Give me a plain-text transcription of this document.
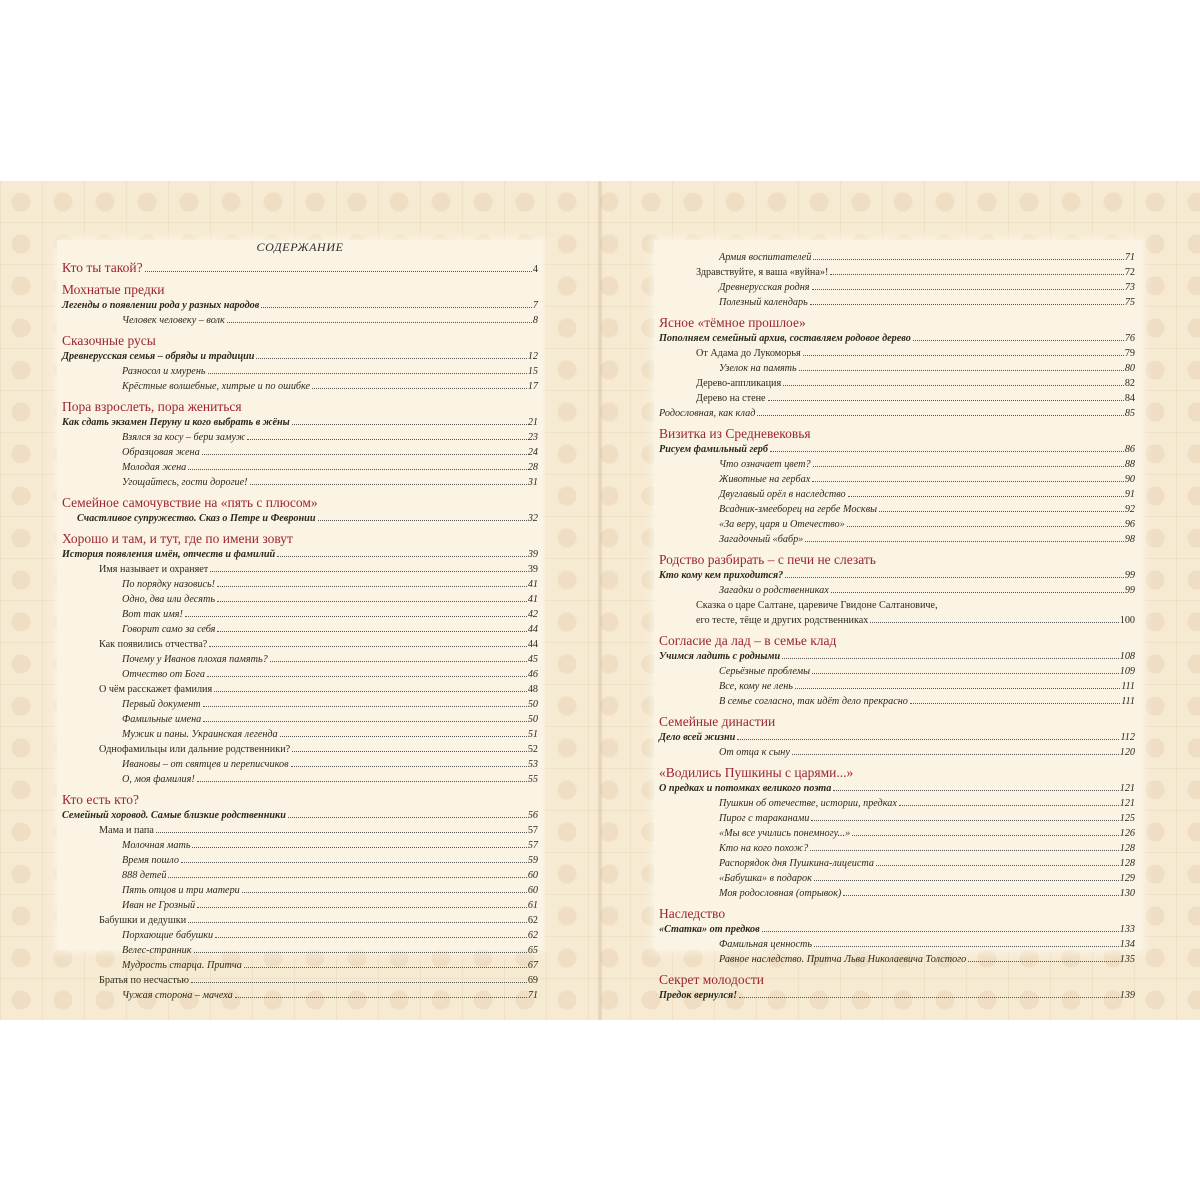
СОДЕРЖАНИЕ
Кто ты такой?	4
Мохнатые предки
Легенды о появлении рода у разных народов	7
Человек человеку – волк	8
Сказочные русы
Древнерусская семья – обряды и традиции	12
Разносол и хмурень	15
Крёстные волшебные, хитрые и по ошибке	17
Пора взрослеть, пора жениться
Как сдать экзамен Перуну и кого выбрать в жёны	21
Взялся за косу – бери замуж	23
Образцовая жена	24
Молодая жена	28
Угощайтесь, гости дорогие!	31
Семейное самочувствие на «пять с плюсом»
Счастливое супружество. Сказ о Петре и Февронии	32
Хорошо и там, и тут, где по имени зовут
История появления имён, отчеств и фамилий	39
Имя называет и охраняет	39
По порядку назовись!	41
Одно, два или десять	41
Вот так имя!	42
Говорит само за себя	44
Как появились отчества?	44
Почему у Иванов плохая память?	45
Отчество от Бога	46
О чём расскажет фамилия	48
Первый документ	50
Фамильные имена	50
Мужик и паны. Украинская легенда	51
Однофамильцы или дальние родственники?	52
Ивановы – от святцев и переписчиков	53
О, моя фамилия!	55
Кто есть кто?
Семейный хоровод. Самые близкие родственники	56
Мама и папа	57
Молочная мать	57
Время пошло	59
888 детей	60
Пять отцов и три матери	60
Иван не Грозный	61
Бабушки и дедушки	62
Порхающие бабушки	62
Велес-странник	65
Мудрость старца. Притча	67
Братья по несчастью	69
Чужая сторона – мачеха	71
Армия воспитателей	71
Здравствуйте, я ваша «вуйна»!	72
Древнерусская родня	73
Полезный календарь	75
Ясное «тёмное прошлое»
Пополняем семейный архив, составляем родовое дерево	76
От Адама до Лукоморья	79
Узелок на память	80
Дерево-аппликация	82
Дерево на стене	84
Родословная, как клад	85
Визитка из Средневековья
Рисуем фамильный герб	86
Что означает цвет?	88
Животные на гербах	90
Двуглавый орёл в наследство	91
Всадник-змееборец на гербе Москвы	92
«За веру, царя и Отечество»	96
Загадочный «бабр»	98
Родство разбирать – с печи не слезать
Кто кому кем приходится?	99
Загадки о родственниках	99
Сказка о царе Салтане, царевиче Гвидоне Салтановиче,
его тесте, тёще и других родственниках	100
Согласие да лад – в семье клад
Учимся ладить с родными	108
Серьёзные проблемы	109
Все, кому не лень	111
В семье согласно, так идёт дело прекрасно	111
Семейные династии
Дело всей жизни	112
От отца к сыну	120
«Водились Пушкины с царями...»
О предках и потомках великого поэта	121
Пушкин об отечестве, истории, предках	121
Пирог с тараканами	125
«Мы все учились понемногу...»	126
Кто на кого похож?	128
Распорядок дня Пушкина-лицеиста	128
«Бабушка» в подарок	129
Моя родословная (отрывок)	130
Наследство
«Статка» от предков	133
Фамильная ценность	134
Равное наследство. Притча Льва Николаевича Толстого	135
Секрет молодости
Предок вернулся!	139
